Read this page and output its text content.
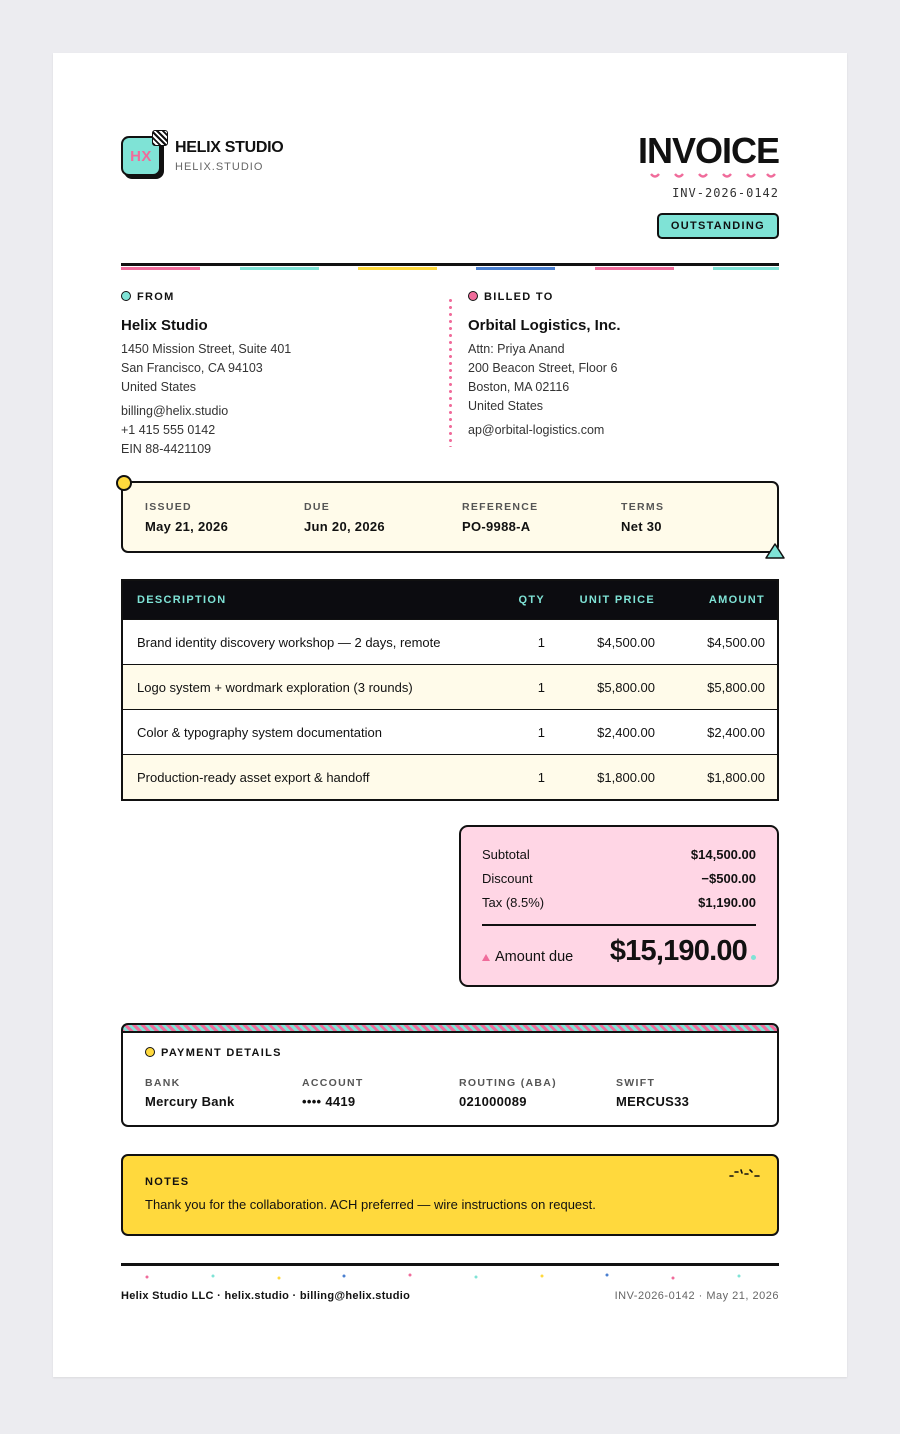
HX HELIX STUDIO
HELIX.STUDIO	INVOICE
INV-2026-0142
OUTSTANDING
FROM
Helix Studio
1450 Mission Street, Suite 401
San Francisco, CA 94103
United States
billing@helix.studio
+1 415 555 0142
EIN 88-4421109
BILLED TO
Orbital Logistics, Inc.
Attn: Priya Anand
200 Beacon Street, Floor 6
Boston, MA 02116
United States
ap@orbital-logistics.com
ISSUED
May 21, 2026
DUE
Jun 20, 2026
REFERENCE
PO-9988-A
TERMS
Net 30
DESCRIPTION	QTY	UNIT PRICE	AMOUNT
Brand identity discovery workshop — 2 days, remote	1	$4,500.00	$4,500.00
Logo system + wordmark exploration (3 rounds)	1	$5,800.00	$5,800.00
Color & typography system documentation	1	$2,400.00	$2,400.00
Production-ready asset export & handoff	1	$1,800.00	$1,800.00
Subtotal	$14,500.00
Discount	−$500.00
Tax (8.5%)	$1,190.00
Amount due $15,190.00
PAYMENT DETAILS
BANK
Mercury Bank
ACCOUNT
•••• 4419
ROUTING (ABA)
021000089
SWIFT
MERCUS33
NOTES
Thank you for the collaboration. ACH preferred — wire instructions on request.
Helix Studio LLC · helix.studio · billing@helix.studio	INV-2026-0142 · May 21, 2026
